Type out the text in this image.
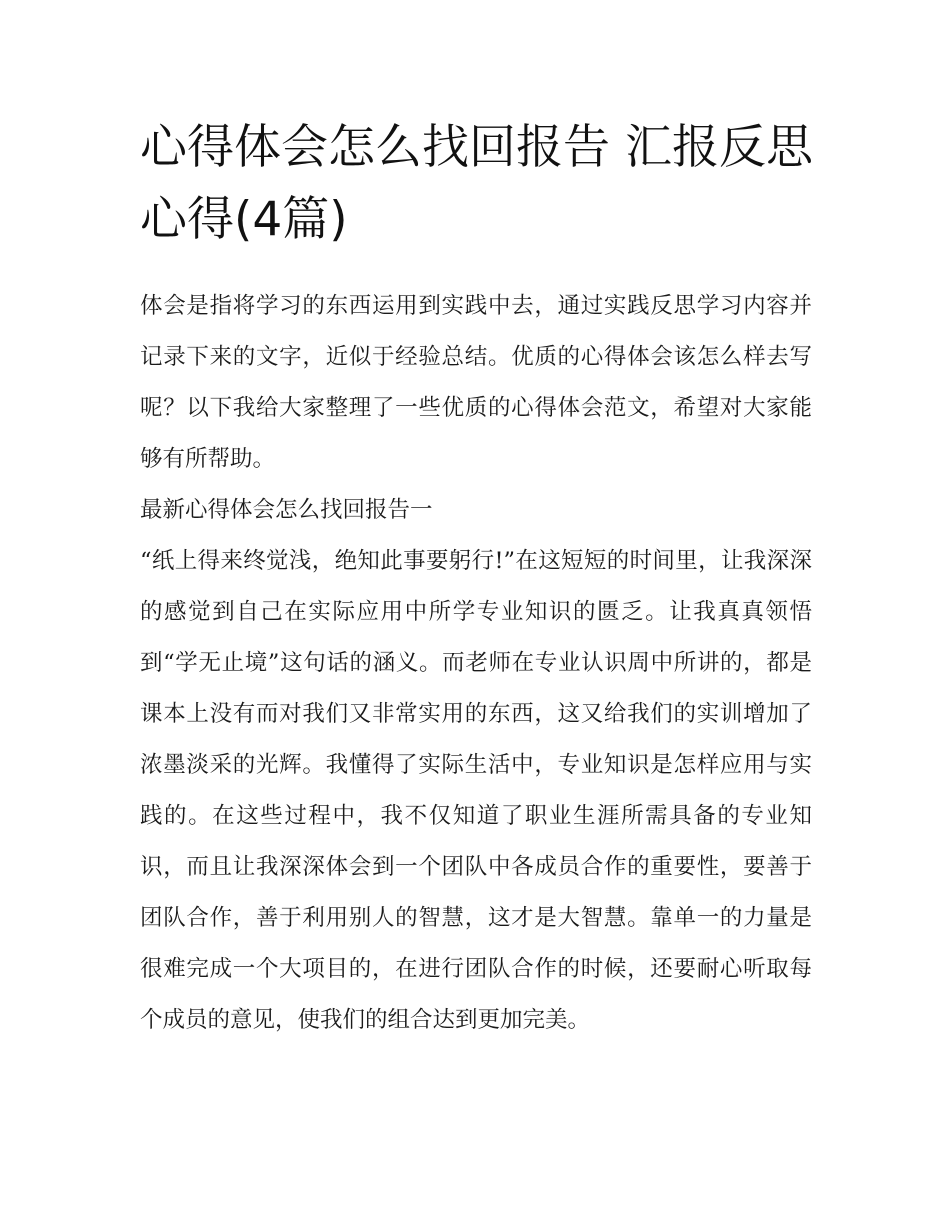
心得体会怎么找回报告 汇报反思心得(4篇)

体会是指将学习的东西运用到实践中去，通过实践反思学习内容并记录下来的文字，近似于经验总结。优质的心得体会该怎么样去写呢？以下我给大家整理了一些优质的心得体会范文，希望对大家能够有所帮助。

最新心得体会怎么找回报告一

“纸上得来终觉浅，绝知此事要躬行!”在这短短的时间里，让我深深的感觉到自己在实际应用中所学专业知识的匮乏。让我真真领悟到“学无止境”这句话的涵义。而老师在专业认识周中所讲的，都是课本上没有而对我们又非常实用的东西，这又给我们的实训增加了浓墨淡采的光辉。我懂得了实际生活中，专业知识是怎样应用与实践的。在这些过程中，我不仅知道了职业生涯所需具备的专业知识，而且让我深深体会到一个团队中各成员合作的重要性，要善于团队合作，善于利用别人的智慧，这才是大智慧。靠单一的力量是很难完成一个大项目的，在进行团队合作的时候，还要耐心听取每个成员的意见，使我们的组合达到更加完美。
